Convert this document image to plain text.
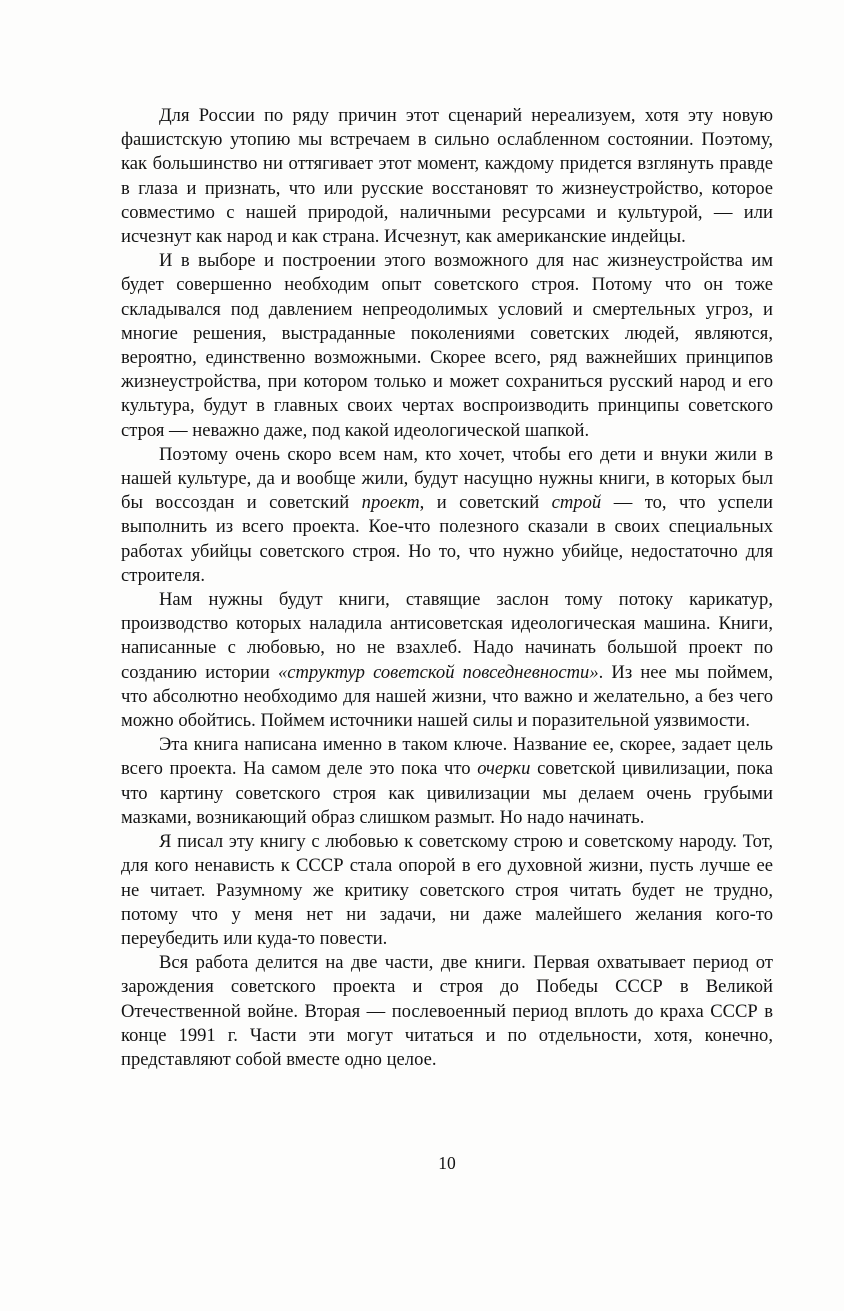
Для России по ряду причин этот сценарий нереализуем, хотя эту новую фашистскую утопию мы встречаем в сильно ослабленном состоянии. Поэтому, как большинство ни оттягивает этот момент, каждому придется взглянуть правде в глаза и признать, что или русские восстановят то жизнеустройство, которое совместимо с нашей природой, наличными ресурсами и культурой, — или исчезнут как народ и как страна. Исчезнут, как американские индейцы.

И в выборе и построении этого возможного для нас жизнеустройства им будет совершенно необходим опыт советского строя. Потому что он тоже складывался под давлением непреодолимых условий и смертельных угроз, и многие решения, выстраданные поколениями советских людей, являются, вероятно, единственно возможными. Скорее всего, ряд важнейших принципов жизнеустройства, при котором только и может сохраниться русский народ и его культура, будут в главных своих чертах воспроизводить принципы советского строя — неважно даже, под какой идеологической шапкой.

Поэтому очень скоро всем нам, кто хочет, чтобы его дети и внуки жили в нашей культуре, да и вообще жили, будут насущно нужны книги, в которых был бы воссоздан и советский проект, и советский строй — то, что успели выполнить из всего проекта. Кое-что полезного сказали в своих специальных работах убийцы советского строя. Но то, что нужно убийце, недостаточно для строителя.

Нам нужны будут книги, ставящие заслон тому потоку карикатур, производство которых наладила антисоветская идеологическая машина. Книги, написанные с любовью, но не взахлеб. Надо начинать большой проект по созданию истории «структур советской повседневности». Из нее мы поймем, что абсолютно необходимо для нашей жизни, что важно и желательно, а без чего можно обойтись. Поймем источники нашей силы и поразительной уязвимости.

Эта книга написана именно в таком ключе. Название ее, скорее, задает цель всего проекта. На самом деле это пока что очерки советской цивилизации, пока что картину советского строя как цивилизации мы делаем очень грубыми мазками, возникающий образ слишком размыт. Но надо начинать.

Я писал эту книгу с любовью к советскому строю и советскому народу. Тот, для кого ненависть к СССР стала опорой в его духовной жизни, пусть лучше ее не читает. Разумному же критику советского строя читать будет не трудно, потому что у меня нет ни задачи, ни даже малейшего желания кого-то переубедить или куда-то повести.

Вся работа делится на две части, две книги. Первая охватывает период от зарождения советского проекта и строя до Победы СССР в Великой Отечественной войне. Вторая — послевоенный период вплоть до краха СССР в конце 1991 г. Части эти могут читаться и по отдельности, хотя, конечно, представляют собой вместе одно целое.

10
